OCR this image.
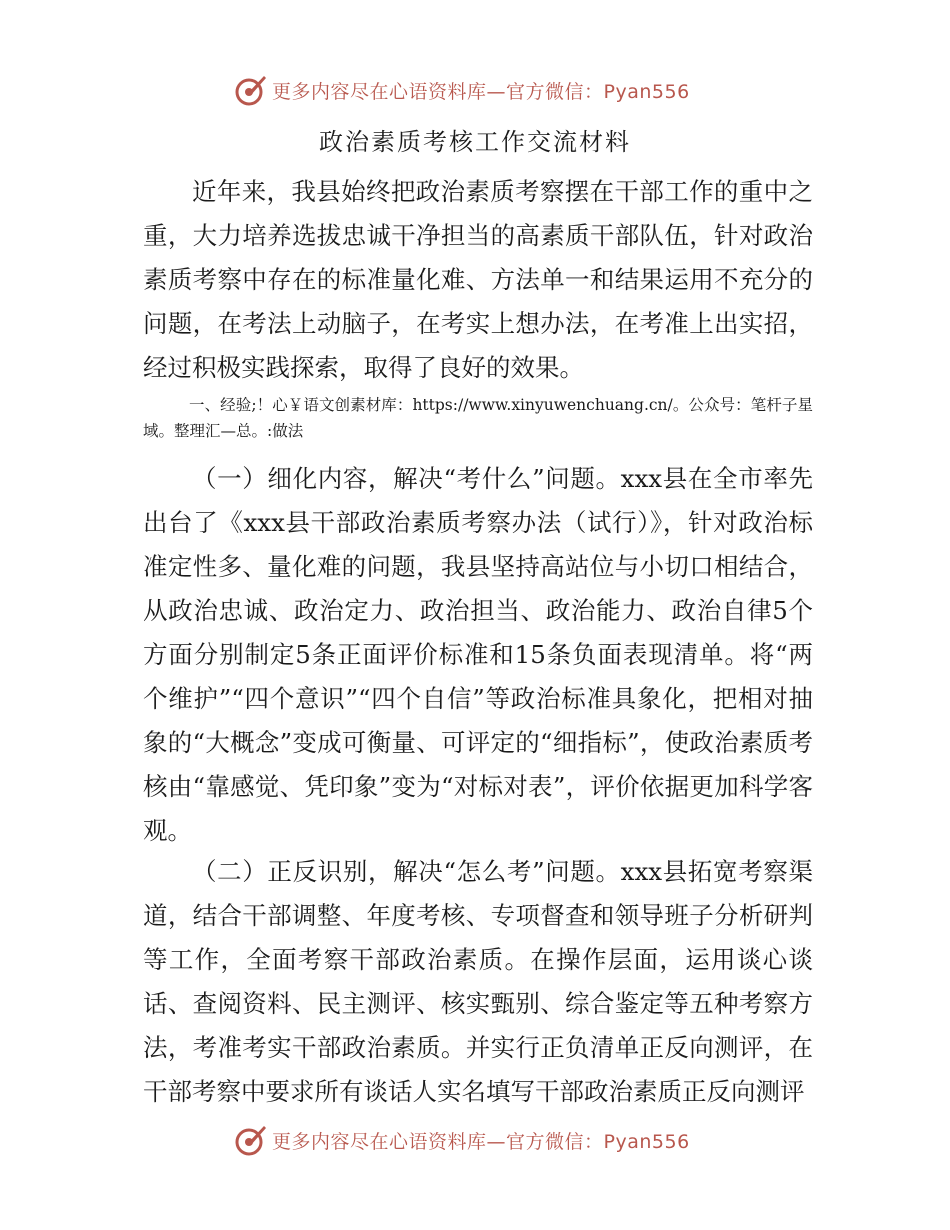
更多内容尽在心语资料库—官方微信：Pyan556
政治素质考核工作交流材料

近年来，我县始终把政治素质考察摆在干部工作的重中之重，大力培养选拔忠诚干净担当的高素质干部队伍，针对政治素质考察中存在的标准量化难、方法单一和结果运用不充分的问题，在考法上动脑子，在考实上想办法，在考准上出实招，经过积极实践探索，取得了良好的效果。

一、经验;！心￥语文创素材库：https://www.xinyuwenchuang.cn/。公众号：笔杆子星域。整理汇—总。:做法

（一）细化内容，解决“考什么”问题。xxx县在全市率先出台了《xxx县干部政治素质考察办法（试行）》，针对政治标准定性多、量化难的问题，我县坚持高站位与小切口相结合，从政治忠诚、政治定力、政治担当、政治能力、政治自律5个方面分别制定5条正面评价标准和15条负面表现清单。将“两个维护”“四个意识”“四个自信”等政治标准具象化，把相对抽象的“大概念”变成可衡量、可评定的“细指标”，使政治素质考核由“靠感觉、凭印象”变为“对标对表”，评价依据更加科学客观。

（二）正反识别，解决“怎么考”问题。xxx县拓宽考察渠道，结合干部调整、年度考核、专项督查和领导班子分析研判等工作，全面考察干部政治素质。在操作层面，运用谈心谈话、查阅资料、民主测评、核实甄别、综合鉴定等五种考察方法，考准考实干部政治素质。并实行正负清单正反向测评，在干部考察中要求所有谈话人实名填写干部政治素质正反向测评

更多内容尽在心语资料库—官方微信：Pyan556
